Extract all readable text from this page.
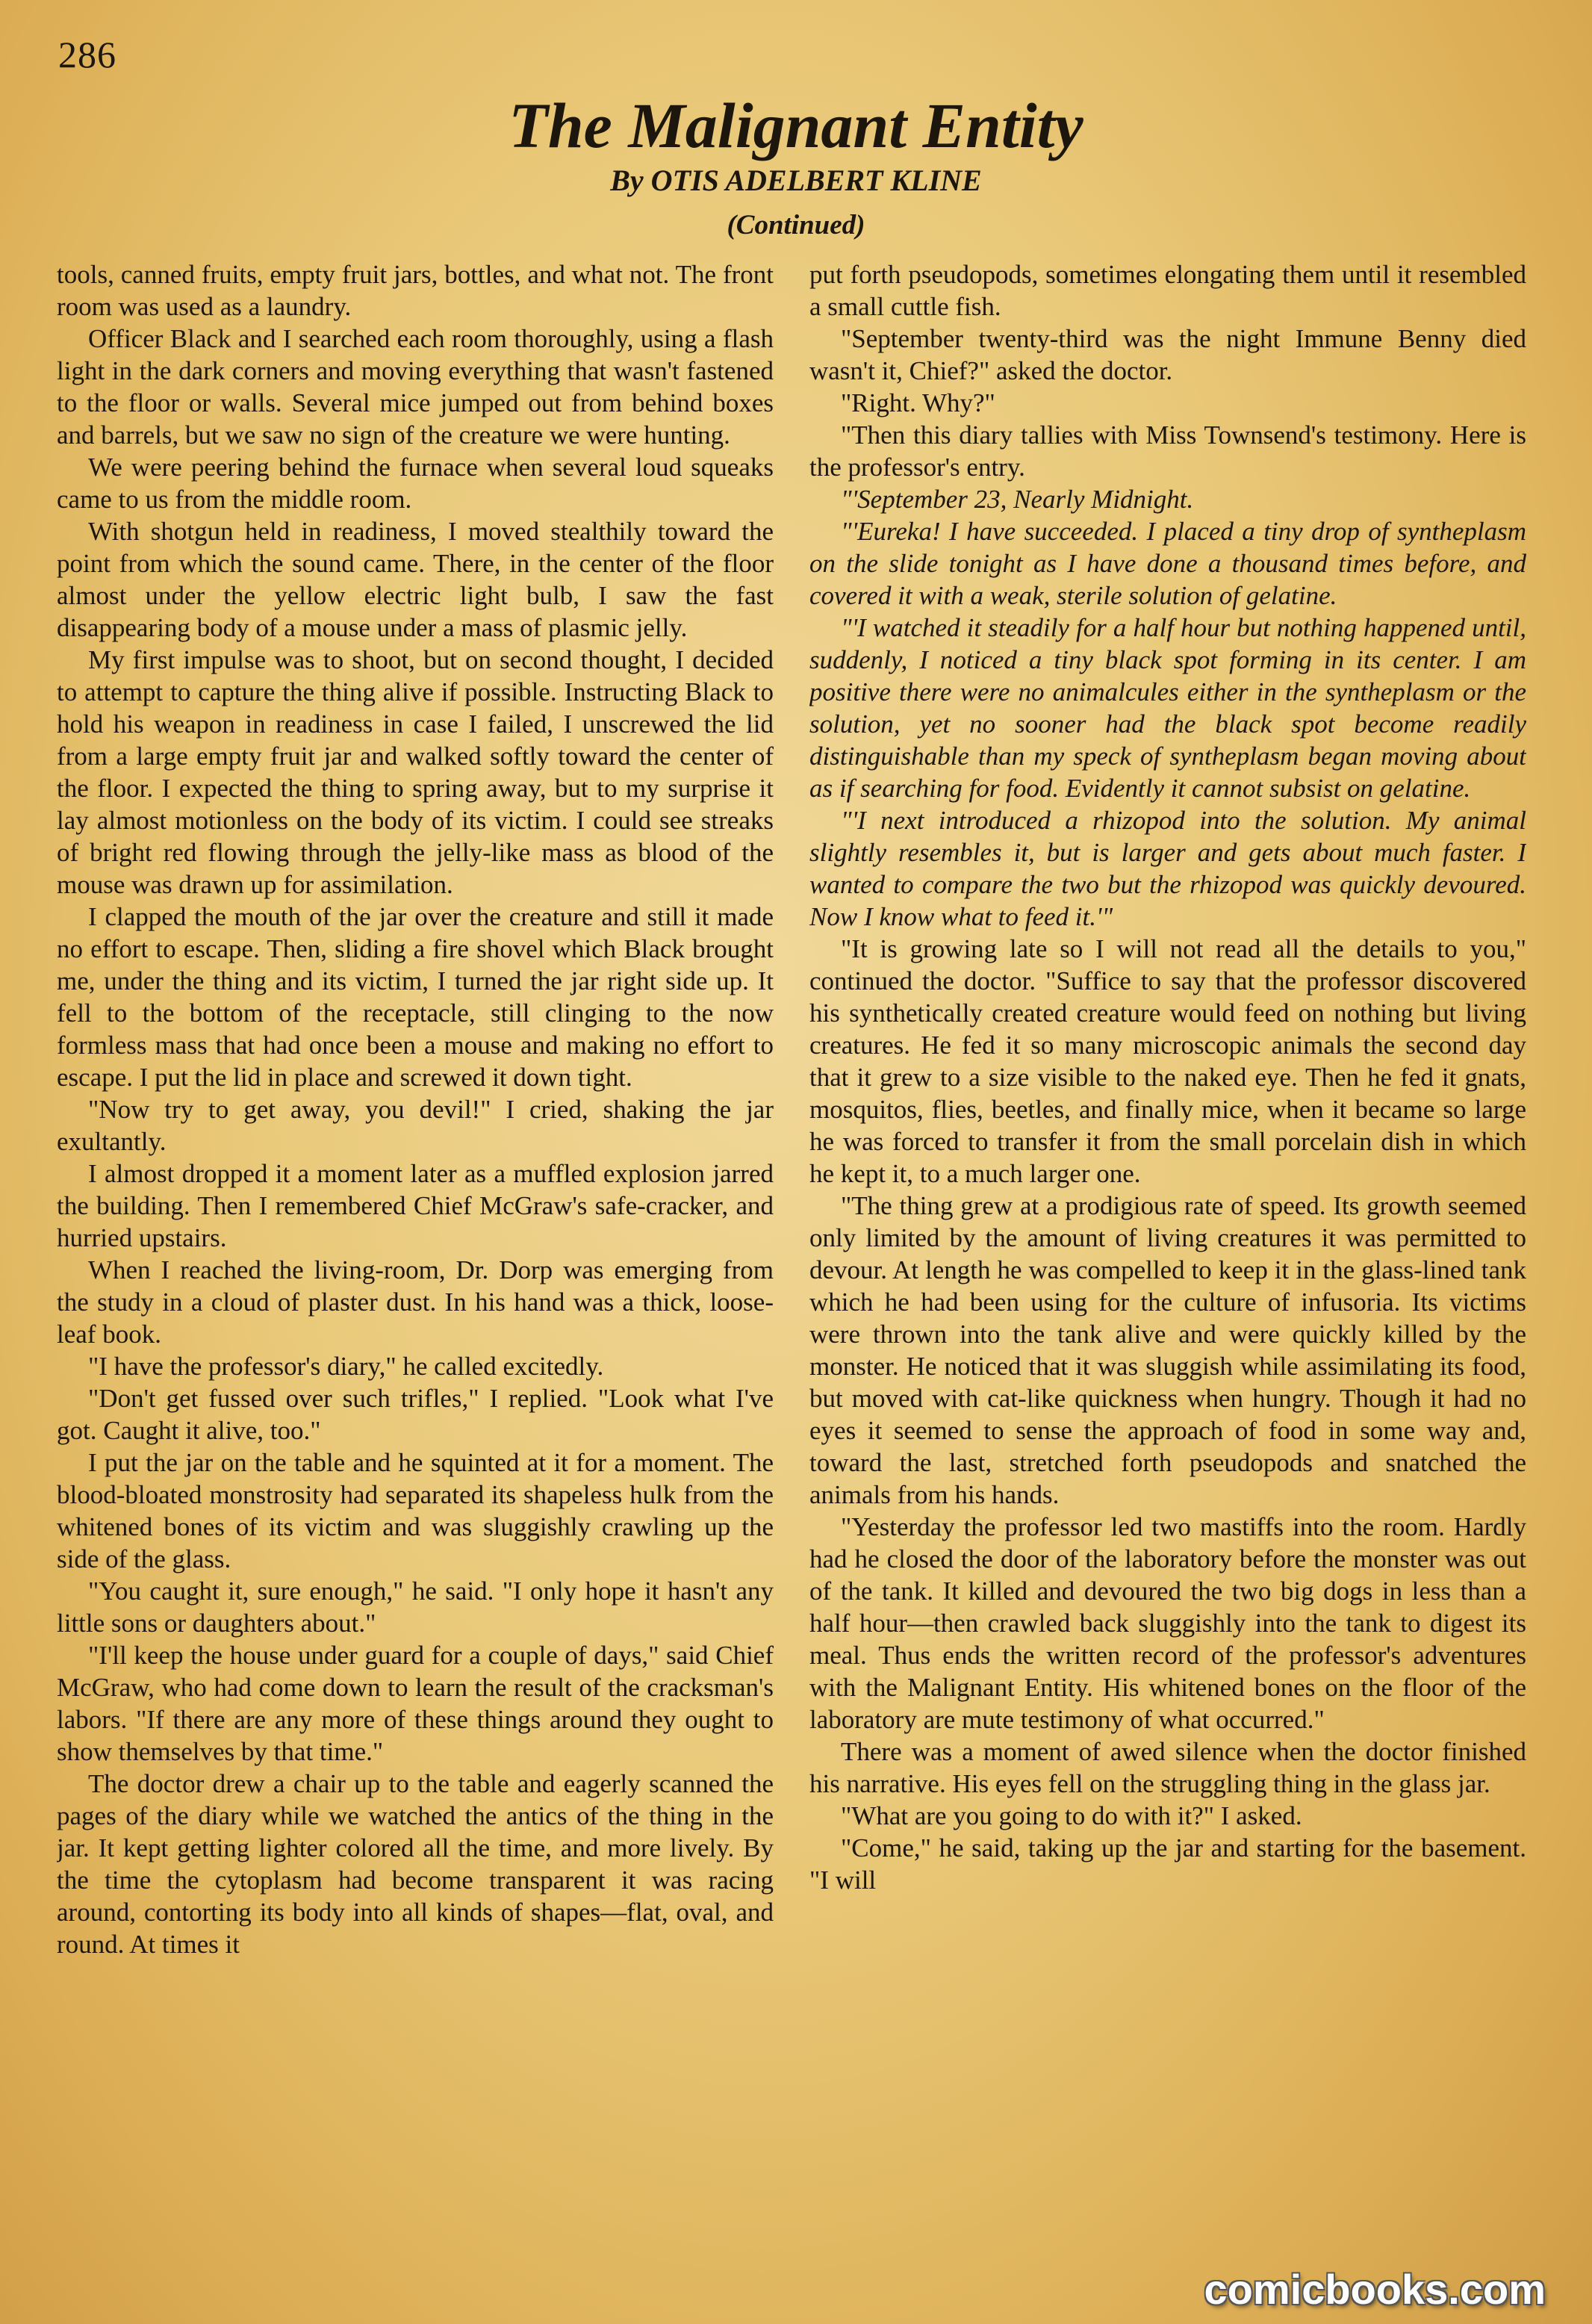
286
The Malignant Entity
By OTIS ADELBERT KLINE
(Continued)

tools, canned fruits, empty fruit jars, bottles, and what not. The front room was used as a laundry.

Officer Black and I searched each room thoroughly, using a flash light in the dark corners and moving everything that wasn't fastened to the floor or walls. Several mice jumped out from behind boxes and barrels, but we saw no sign of the creature we were hunting.

We were peering behind the furnace when several loud squeaks came to us from the middle room.

With shotgun held in readiness, I moved stealthily toward the point from which the sound came. There, in the center of the floor almost under the yellow electric light bulb, I saw the fast disappearing body of a mouse under a mass of plasmic jelly.

My first impulse was to shoot, but on second thought, I decided to attempt to capture the thing alive if possible. Instructing Black to hold his weapon in readiness in case I failed, I unscrewed the lid from a large empty fruit jar and walked softly toward the center of the floor. I expected the thing to spring away, but to my surprise it lay almost motionless on the body of its victim. I could see streaks of bright red flowing through the jelly-like mass as blood of the mouse was drawn up for assimilation.

I clapped the mouth of the jar over the creature and still it made no effort to escape. Then, sliding a fire shovel which Black brought me, under the thing and its victim, I turned the jar right side up. It fell to the bottom of the receptacle, still clinging to the now formless mass that had once been a mouse and making no effort to escape. I put the lid in place and screwed it down tight.

"Now try to get away, you devil!" I cried, shaking the jar exultantly.

I almost dropped it a moment later as a muffled explosion jarred the building. Then I remembered Chief McGraw's safe-cracker, and hurried upstairs.

When I reached the living-room, Dr. Dorp was emerging from the study in a cloud of plaster dust. In his hand was a thick, loose-leaf book.

"I have the professor's diary," he called excitedly.

"Don't get fussed over such trifles," I replied. "Look what I've got. Caught it alive, too."

I put the jar on the table and he squinted at it for a moment. The blood-bloated monstrosity had separated its shapeless hulk from the whitened bones of its victim and was sluggishly crawling up the side of the glass.

"You caught it, sure enough," he said. "I only hope it hasn't any little sons or daughters about."

"I'll keep the house under guard for a couple of days," said Chief McGraw, who had come down to learn the result of the cracksman's labors. "If there are any more of these things around they ought to show themselves by that time."

The doctor drew a chair up to the table and eagerly scanned the pages of the diary while we watched the antics of the thing in the jar. It kept getting lighter colored all the time, and more lively. By the time the cytoplasm had become transparent it was racing around, contorting its body into all kinds of shapes—flat, oval, and round. At times it

put forth pseudopods, sometimes elongating them until it resembled a small cuttle fish.

"September twenty-third was the night Immune Benny died wasn't it, Chief?" asked the doctor.

"Right. Why?"

"Then this diary tallies with Miss Townsend's testimony. Here is the professor's entry.

"'September 23, Nearly Midnight.

"'Eureka! I have succeeded. I placed a tiny drop of syntheplasm on the slide tonight as I have done a thousand times before, and covered it with a weak, sterile solution of gelatine.

"'I watched it steadily for a half hour but nothing happened until, suddenly, I noticed a tiny black spot forming in its center. I am positive there were no animalcules either in the syntheplasm or the solution, yet no sooner had the black spot become readily distinguishable than my speck of syntheplasm began moving about as if searching for food. Evidently it cannot subsist on gelatine.

"'I next introduced a rhizopod into the solution. My animal slightly resembles it, but is larger and gets about much faster. I wanted to compare the two but the rhizopod was quickly devoured. Now I know what to feed it.'"

"It is growing late so I will not read all the details to you," continued the doctor. "Suffice to say that the professor discovered his synthetically created creature would feed on nothing but living creatures. He fed it so many microscopic animals the second day that it grew to a size visible to the naked eye. Then he fed it gnats, mosquitos, flies, beetles, and finally mice, when it became so large he was forced to transfer it from the small porcelain dish in which he kept it, to a much larger one.

"The thing grew at a prodigious rate of speed. Its growth seemed only limited by the amount of living creatures it was permitted to devour. At length he was compelled to keep it in the glass-lined tank which he had been using for the culture of infusoria. Its victims were thrown into the tank alive and were quickly killed by the monster. He noticed that it was sluggish while assimilating its food, but moved with cat-like quickness when hungry. Though it had no eyes it seemed to sense the approach of food in some way and, toward the last, stretched forth pseudopods and snatched the animals from his hands.

"Yesterday the professor led two mastiffs into the room. Hardly had he closed the door of the laboratory before the monster was out of the tank. It killed and devoured the two big dogs in less than a half hour—then crawled back sluggishly into the tank to digest its meal. Thus ends the written record of the professor's adventures with the Malignant Entity. His whitened bones on the floor of the laboratory are mute testimony of what occurred."

There was a moment of awed silence when the doctor finished his narrative. His eyes fell on the struggling thing in the glass jar.

"What are you going to do with it?" I asked.

"Come," he said, taking up the jar and starting for the basement. "I will

comicbooks.com
